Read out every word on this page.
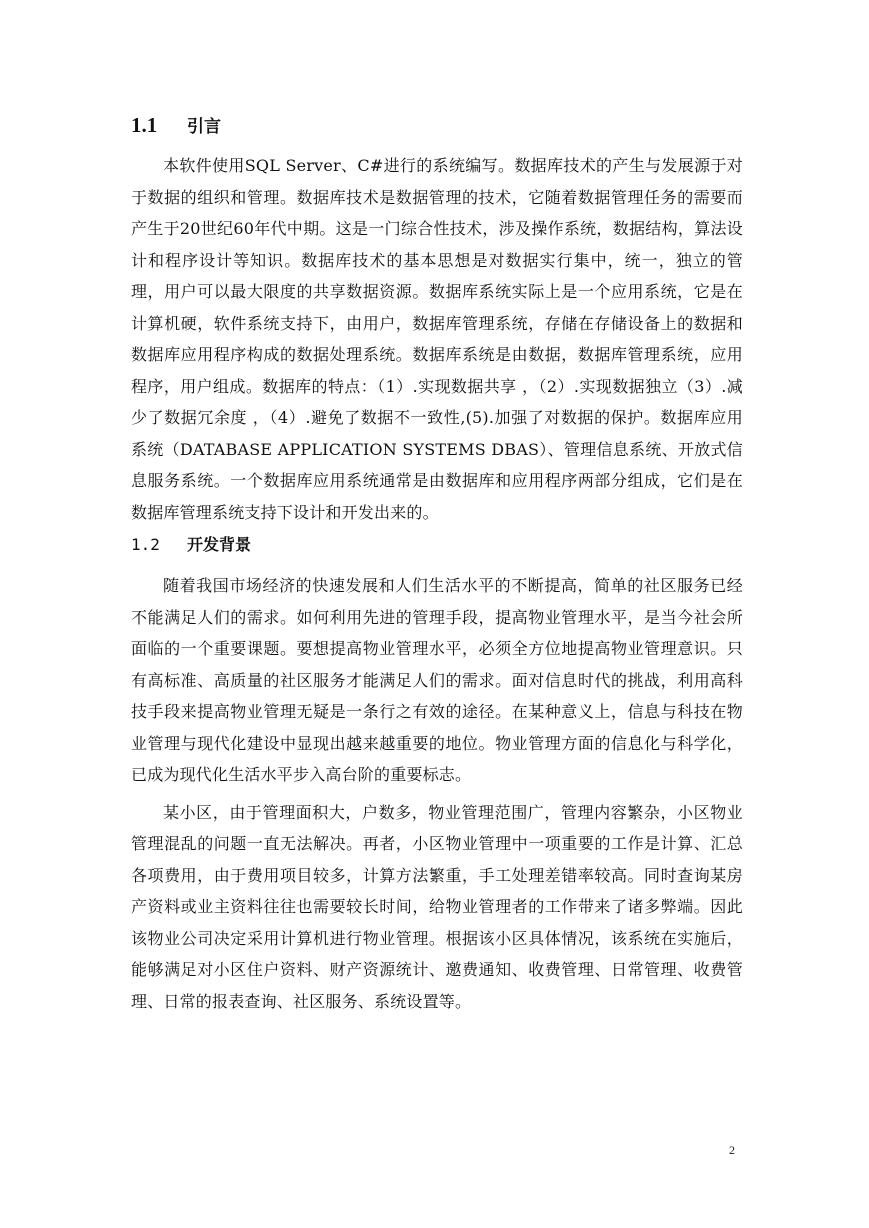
1.1	引言

本软件使用SQL Server、C#进行的系统编写。数据库技术的产生与发展源于对于数据的组织和管理。数据库技术是数据管理的技术，它随着数据管理任务的需要而产生于20世纪60年代中期。这是一门综合性技术，涉及操作系统，数据结构，算法设计和程序设计等知识。数据库技术的基本思想是对数据实行集中，统一，独立的管理，用户可以最大限度的共享数据资源。数据库系统实际上是一个应用系统，它是在计算机硬，软件系统支持下，由用户，数据库管理系统，存储在存储设备上的数据和数据库应用程序构成的数据处理系统。数据库系统是由数据，数据库管理系统，应用程序，用户组成。数据库的特点：（1）.实现数据共享 ，（2）.实现数据独立（3）.减少了数据冗余度 ，（4）.避免了数据不一致性,(5).加强了对数据的保护。数据库应用系统（DATABASE APPLICATION SYSTEMS DBAS）、管理信息系统、开放式信息服务系统。一个数据库应用系统通常是由数据库和应用程序两部分组成，它们是在数据库管理系统支持下设计和开发出来的。

1.2	开发背景

随着我国市场经济的快速发展和人们生活水平的不断提高，简单的社区服务已经不能满足人们的需求。如何利用先进的管理手段，提高物业管理水平，是当今社会所面临的一个重要课题。要想提高物业管理水平，必须全方位地提高物业管理意识。只有高标准、高质量的社区服务才能满足人们的需求。面对信息时代的挑战，利用高科技手段来提高物业管理无疑是一条行之有效的途径。在某种意义上，信息与科技在物业管理与现代化建设中显现出越来越重要的地位。物业管理方面的信息化与科学化，已成为现代化生活水平步入高台阶的重要标志。

某小区，由于管理面积大，户数多，物业管理范围广，管理内容繁杂，小区物业管理混乱的问题一直无法解决。再者，小区物业管理中一项重要的工作是计算、汇总各项费用，由于费用项目较多，计算方法繁重，手工处理差错率较高。同时查询某房产资料或业主资料往往也需要较长时间，给物业管理者的工作带来了诸多弊端。因此该物业公司决定采用计算机进行物业管理。根据该小区具体情况，该系统在实施后，能够满足对小区住户资料、财产资源统计、邀费通知、收费管理、日常管理、收费管理、日常的报表查询、社区服务、系统设置等。

2
